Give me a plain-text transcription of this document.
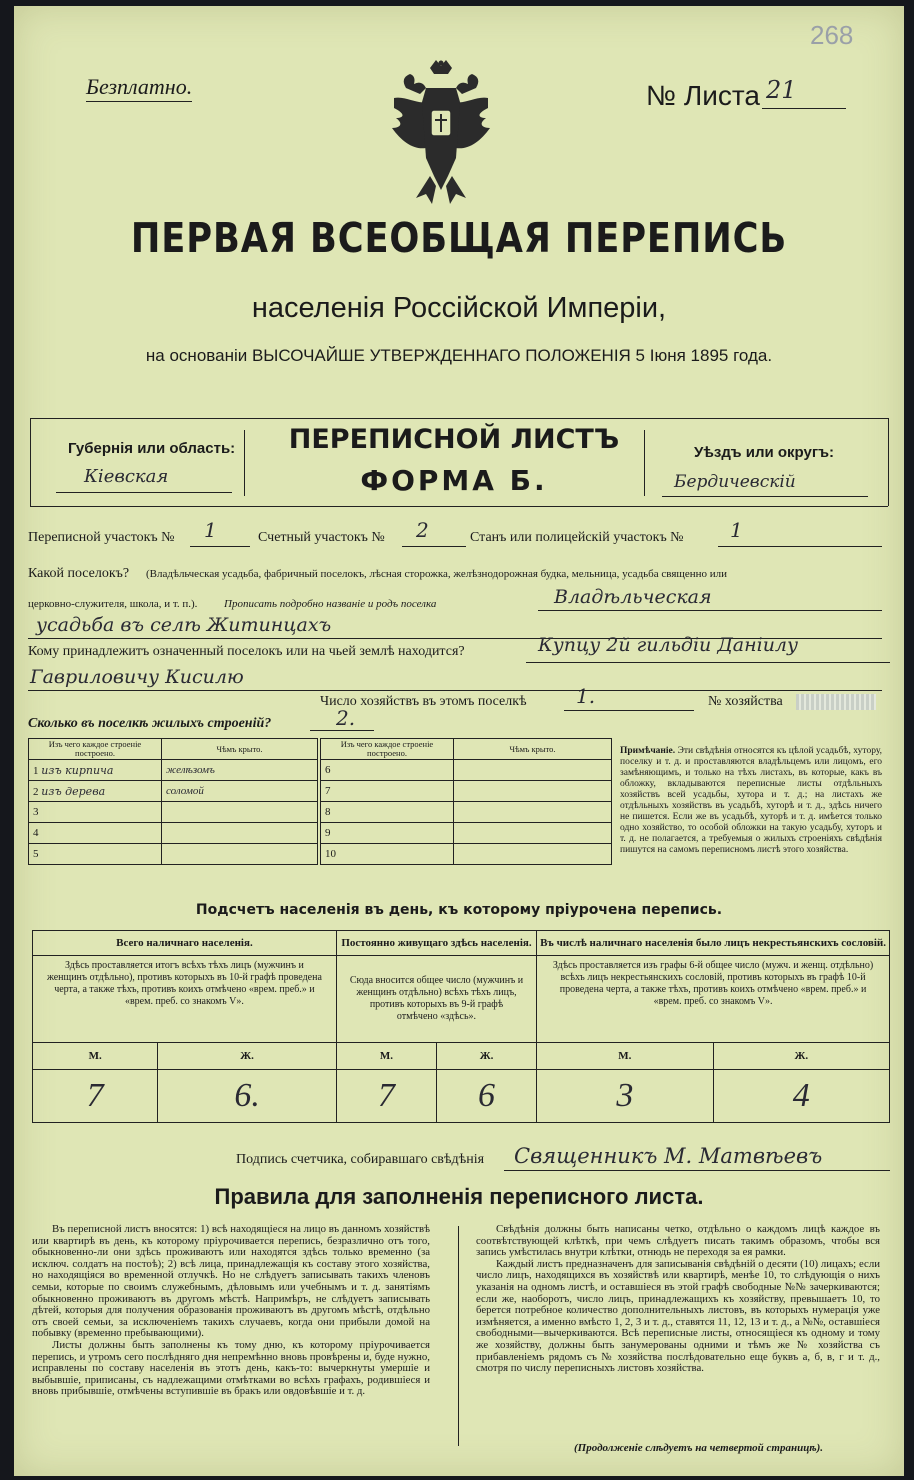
268
Безплатно.	№ Листа 21
ПЕРВАЯ ВСЕОБЩАЯ ПЕРЕПИСЬ
населенія Россійской Имперіи,
на основаніи ВЫСОЧАЙШЕ УТВЕРЖДЕННАГО ПОЛОЖЕНІЯ 5 Іюня 1895 года.
Губернія или область:
Кіевская
ПЕРЕПИСНОЙ ЛИСТЪ
ФОРМА Б.
Уѣздъ или округъ:
Бердичевскій
Переписной участокъ № 1	Счетный участокъ № 2	Станъ или полицейскій участокъ № 1
Какой поселокъ? (Владѣльческая усадьба, фабричный поселокъ, лѣсная сторожка, желѣзнодорожная будка, мельница, усадьба священно или
церковно-служителя, школа, и т. п.). Прописать подробно названіе и родъ поселка	Владѣльческая
усадьба въ селѣ Житинцахъ
Кому принадлежитъ означенный поселокъ или на чьей землѣ находится?	Купцу 2й гильдіи Даніилу
Гавриловичу Кисилю
Число хозяйствъ въ этомъ поселкѣ 1.	№ хозяйства
Сколько въ поселкѣ жилыхъ строеній?	2.
Изъ чего каждое строеніе построено.	Чѣмъ крыто.
1 изъ кирпича	желѣзомъ
2 изъ дерева	соломой
3	
4	
5	
Изъ чего каждое строеніе построено.	Чѣмъ крыто.
6	
7	
8	
9	
10	
Примѣчаніе. Эти свѣдѣнія относятся къ цѣлой усадьбѣ, хутору, поселку и т. д. и проставляются владѣльцемъ или лицомъ, его замѣняющимъ, и только на тѣхъ листахъ, въ которые, какъ въ обложку, вкладываются переписные листы отдѣльныхъ хозяйствъ всей усадьбы, хутора и т. д.; на листахъ же отдѣльныхъ хозяйствъ въ усадьбѣ, хуторѣ и т. д., здѣсь ничего не пишется. Если же въ усадьбѣ, хуторѣ и т. д. имѣется только одно хозяйство, то особой обложки на такую усадьбу, хуторъ и т. д. не полагается, а требуемыя о жилыхъ строеніяхъ свѣдѣнія пишутся на самомъ переписномъ листѣ этого хозяйства.
Подсчетъ населенія въ день, къ которому пріурочена перепись.
Всего наличнаго населенія.		Постоянно живущаго здѣсь населенія.		Въ числѣ наличнаго населенія было лицъ некрестьянскихъ сословій.	
Здѣсь проставляется итогъ всѣхъ тѣхъ лицъ (мужчинъ и женщинъ отдѣльно), противъ которыхъ въ 10-й графѣ проведена черта, а также тѣхъ, противъ коихъ отмѣчено «врем. преб.» и «врем. преб. со знакомъ V».		Сюда вносится общее число (мужчинъ и женщинъ отдѣльно) всѣхъ тѣхъ лицъ, противъ которыхъ въ 9-й графѣ отмѣчено «здѣсь».		Здѣсь проставляется изъ графы 6-й общее число (мужч. и женщ. отдѣльно) всѣхъ лицъ некрестьянскихъ сословій, противъ которыхъ въ графѣ 10-й проведена черта, а также тѣхъ, противъ коихъ отмѣчено «врем. преб.» и «врем. преб. со знакомъ V».	
М.	Ж.	М.	Ж.	М.	Ж.
7	6.	7	6	3	4
Подпись счетчика, собиравшаго свѣдѣнія Священникъ М. Матвѣевъ
Правила для заполненія переписного листа.
Въ переписной листъ вносятся: 1) всѣ находящіеся на лицо въ данномъ хозяйствѣ или квартирѣ въ день, къ которому пріурочивается перепись, безразлично отъ того, обыкновенно-ли они здѣсь проживаютъ или находятся здѣсь только временно (за исключ. солдатъ на постоѣ); 2) всѣ лица, принадлежащія къ составу этого хозяйства, но находящіяся во временной отлучкѣ. Но не слѣдуетъ записывать такихъ членовъ семьи, которые по своимъ служебнымъ, дѣловымъ или учебнымъ и т. д. занятіямъ обыкновенно проживаютъ въ другомъ мѣстѣ. Напримѣръ, не слѣдуетъ записывать дѣтей, которыя для получения образованія проживаютъ въ другомъ мѣстѣ, отдѣльно отъ своей семьи, за исключеніемъ такихъ случаевъ, когда они прибыли домой на побывку (временно пребывающими).
Листы должны быть заполнены къ тому дню, къ которому пріурочивается перепись, и утромъ сего послѣдняго дня непремѣнно вновь провѣрены и, буде нужно, исправлены по составу населенія въ этотъ день, какъ-то: вычеркнуты умершіе и выбывшіе, приписаны, съ надлежащими отмѣтками во всѣхъ графахъ, родившіеся и вновь прибывшіе, отмѣчены вступившіе въ бракъ или овдовѣвшіе и т. д.
Свѣдѣнія должны быть написаны четко, отдѣльно о каждомъ лицѣ каждое въ соотвѣтствующей клѣткѣ, при чемъ слѣдуетъ писать такимъ образомъ, чтобы вся запись умѣстилась внутри клѣтки, отнюдь не переходя за ея рамки.
Каждый листъ предназначенъ для записыванія свѣдѣній о десяти (10) лицахъ; если число лицъ, находящихся въ хозяйствѣ или квартирѣ, менѣе 10, то слѣдующія о нихъ указанія на одномъ листѣ, и оставшіеся въ этой графѣ свободные №№ зачеркиваются; если же, наоборотъ, число лицъ, принадлежащихъ къ хозяйству, превышаетъ 10, то берется потребное количество дополнительныхъ листовъ, въ которыхъ нумерація уже измѣняется, а именно вмѣсто 1, 2, 3 и т. д., ставятся 11, 12, 13 и т. д., а №№, оставшіеся свободными—вычеркиваются. Всѣ переписные листы, относящіеся къ одному и тому же хозяйству, должны быть занумерованы одними и тѣмъ же № хозяйства съ прибавленіемъ рядомъ съ № хозяйства послѣдовательно еще буквъ а, б, в, г и т. д., смотря по числу переписныхъ листовъ хозяйства.
(Продолженіе слѣдуетъ на четвертой страницѣ).
